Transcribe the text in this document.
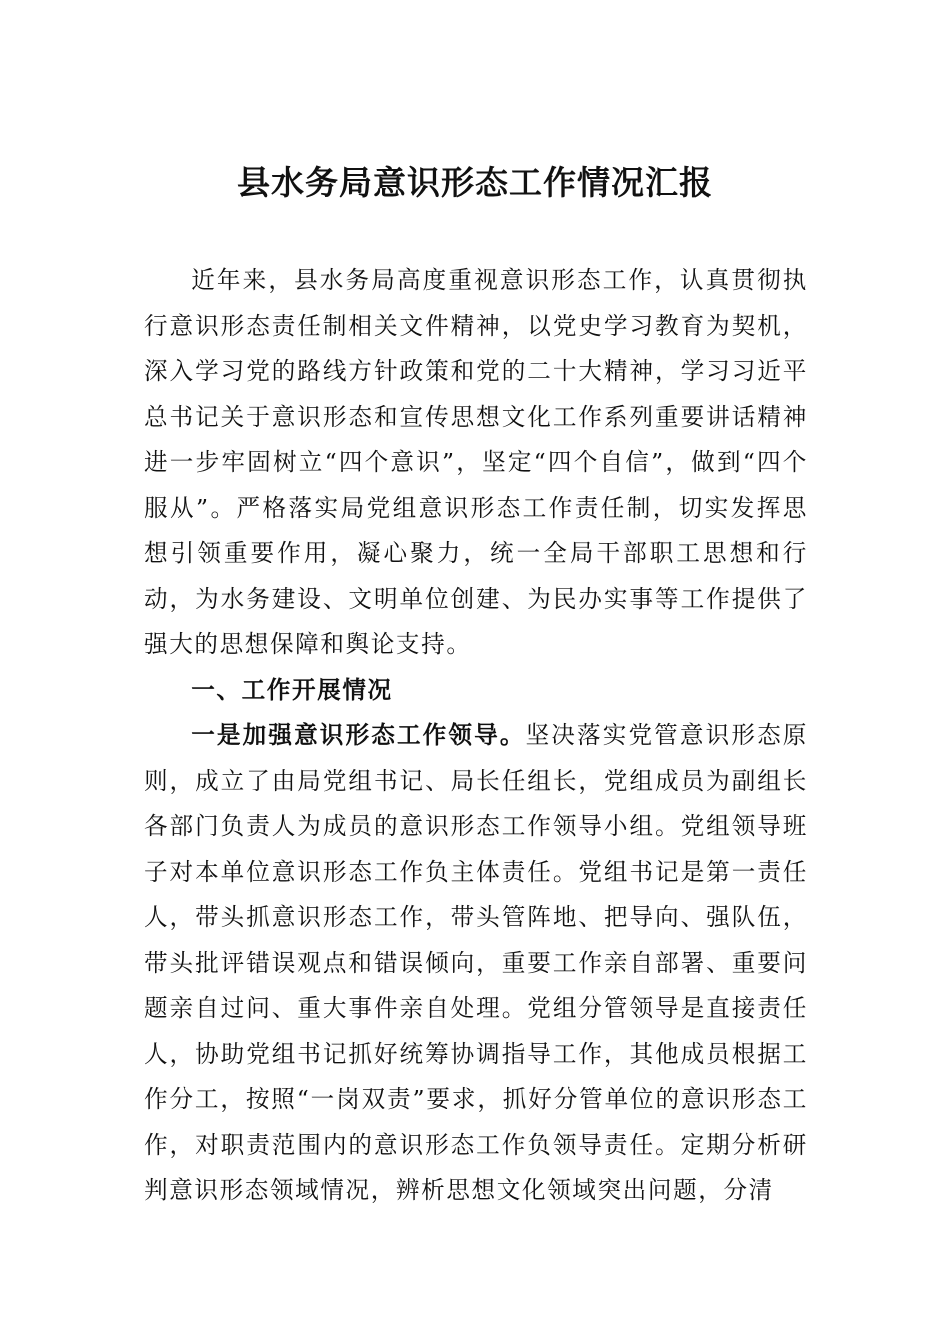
县水务局意识形态工作情况汇报

近年来，县水务局高度重视意识形态工作，认真贯彻执行意识形态责任制相关文件精神，以党史学习教育为契机，深入学习党的路线方针政策和党的二十大精神，学习习近平总书记关于意识形态和宣传思想文化工作系列重要讲话精神进一步牢固树立“四个意识”，坚定“四个自信”，做到“四个服从”。严格落实局党组意识形态工作责任制，切实发挥思想引领重要作用，凝心聚力，统一全局干部职工思想和行动，为水务建设、文明单位创建、为民办实事等工作提供了强大的思想保障和舆论支持。

一、工作开展情况

一是加强意识形态工作领导。坚决落实党管意识形态原则，成立了由局党组书记、局长任组长，党组成员为副组长各部门负责人为成员的意识形态工作领导小组。党组领导班子对本单位意识形态工作负主体责任。党组书记是第一责任人，带头抓意识形态工作，带头管阵地、把导向、强队伍，带头批评错误观点和错误倾向，重要工作亲自部署、重要问题亲自过问、重大事件亲自处理。党组分管领导是直接责任人，协助党组书记抓好统筹协调指导工作，其他成员根据工作分工，按照“一岗双责”要求，抓好分管单位的意识形态工作，对职责范围内的意识形态工作负领导责任。定期分析研判意识形态领域情况，辨析思想文化领域突出问题，分清
